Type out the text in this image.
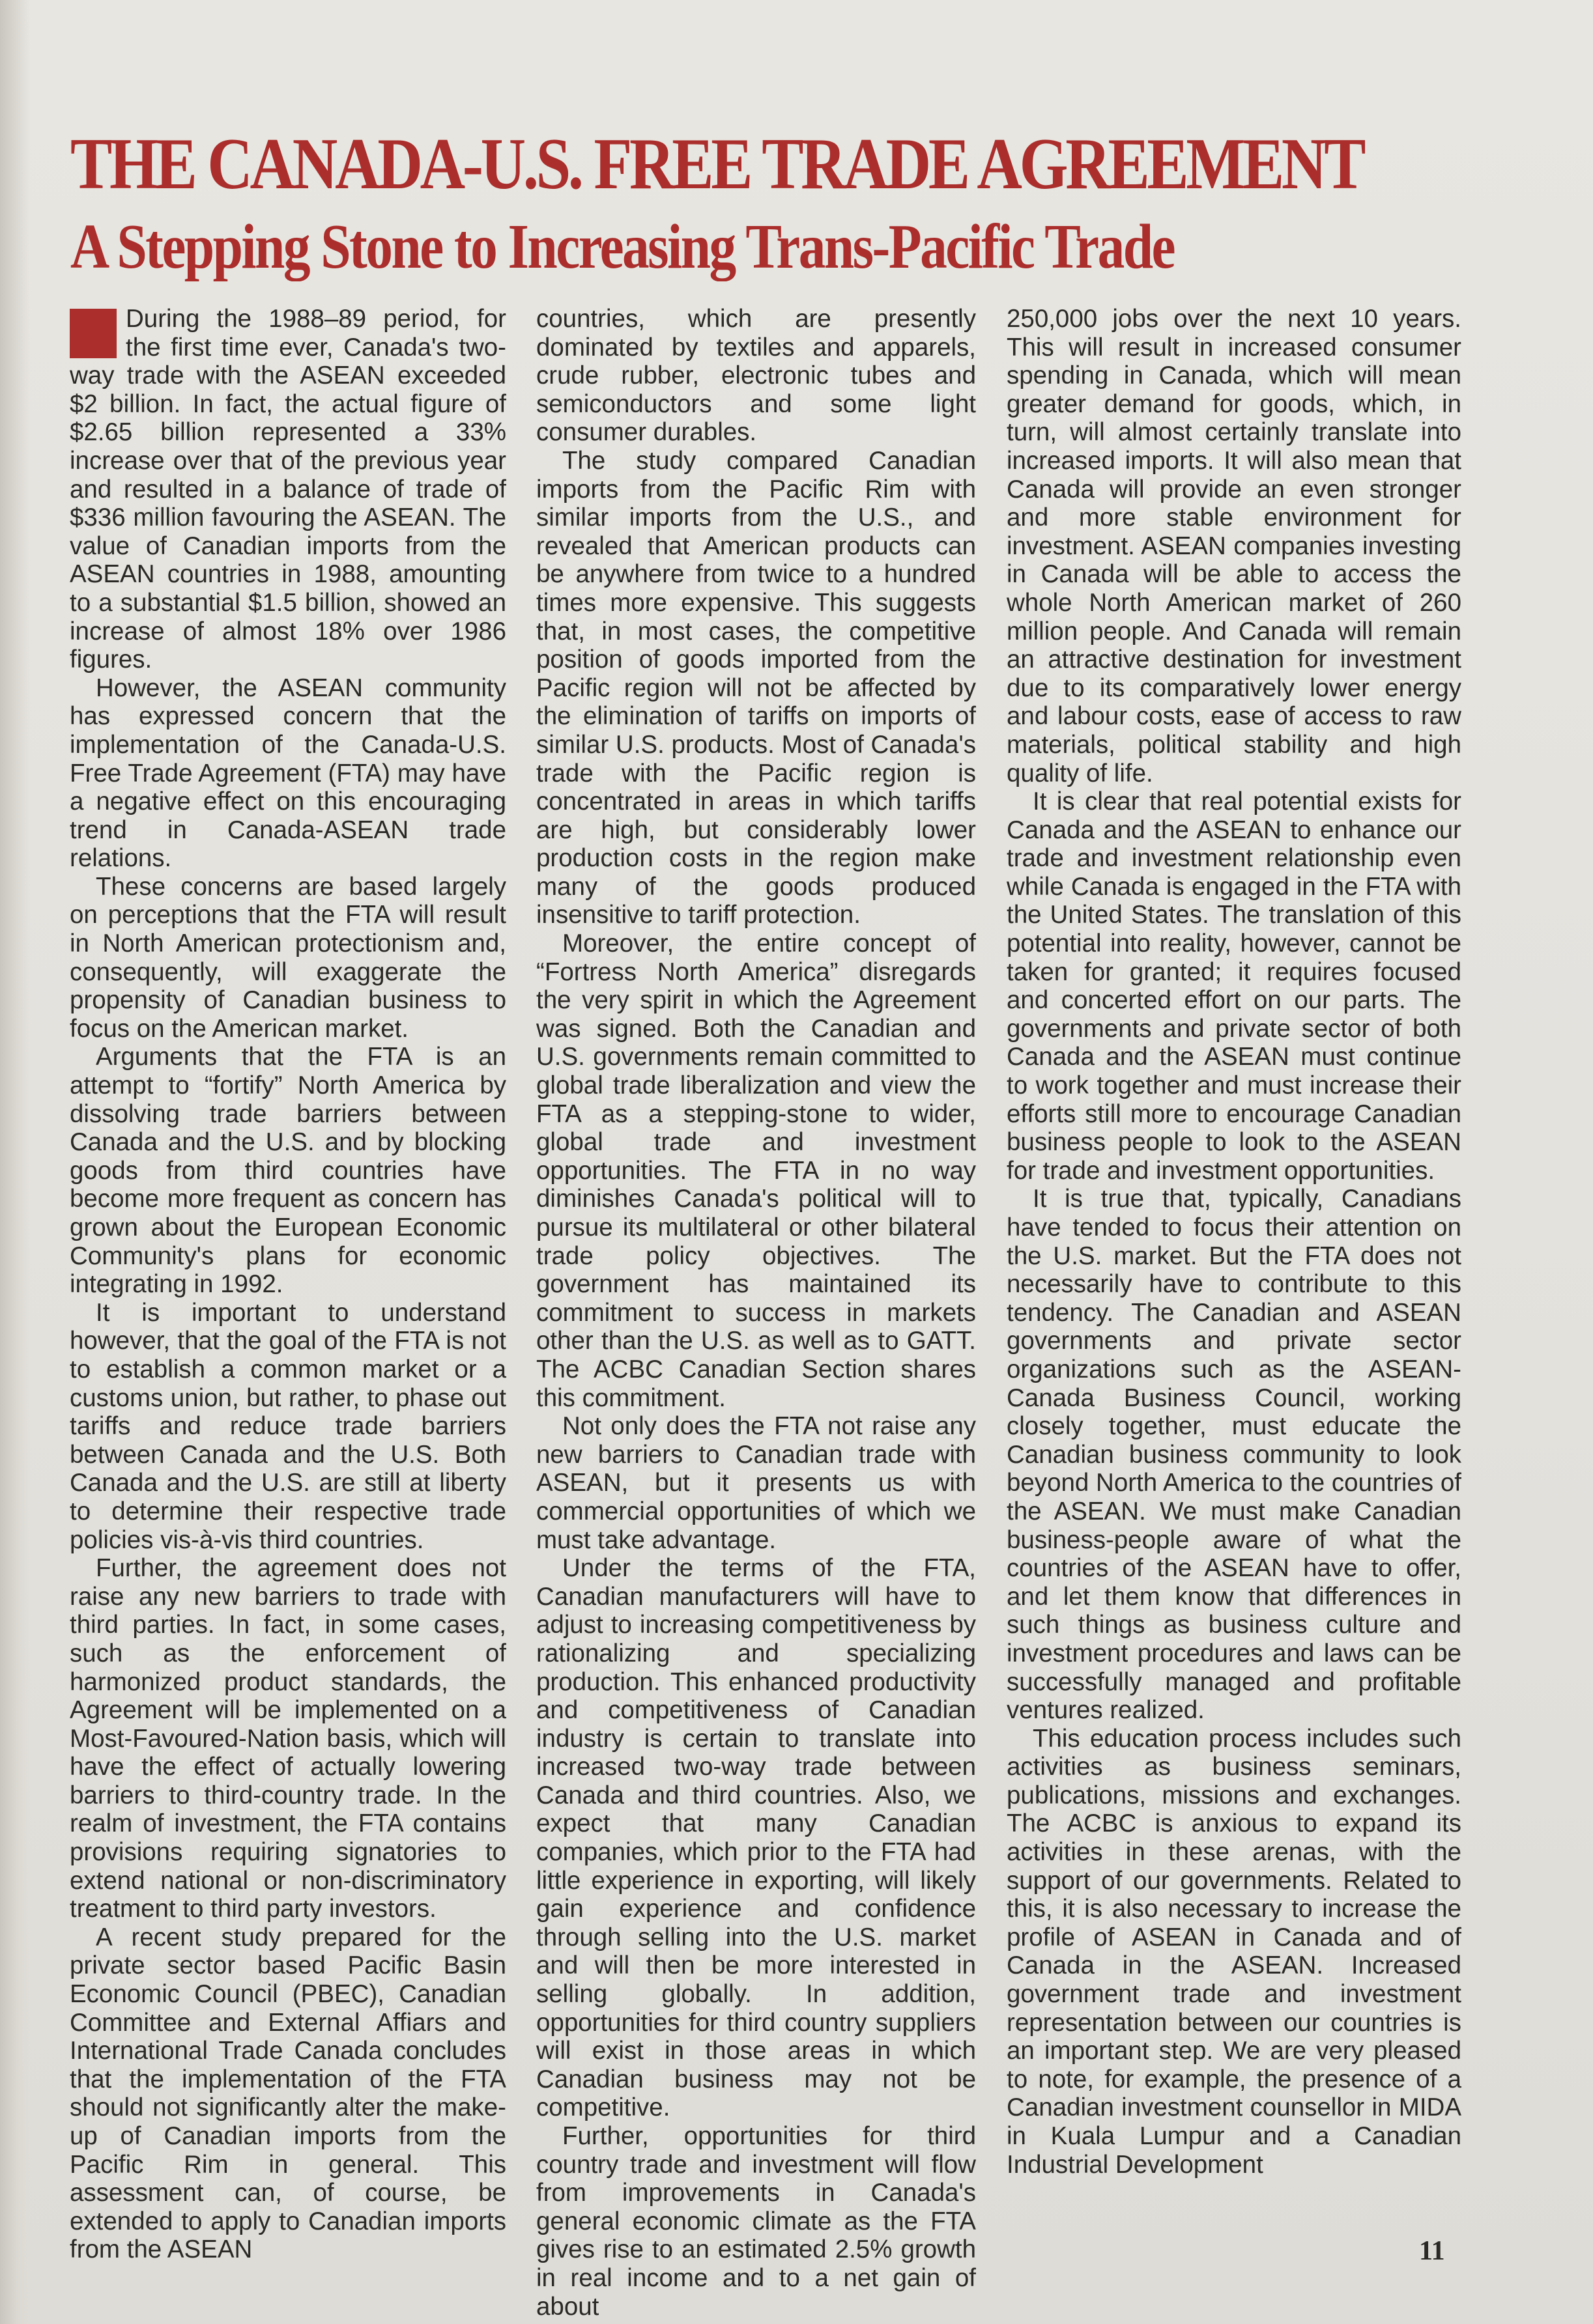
THE CANADA-U.S. FREE TRADE AGREEMENT
A Stepping Stone to Increasing Trans-Pacific Trade

During the 1988–89 period, for the first time ever, Canada's two-way trade with the ASEAN exceeded $2 billion. In fact, the actual figure of $2.65 billion represented a 33% increase over that of the previous year and resulted in a balance of trade of $336 million favouring the ASEAN. The value of Canadian imports from the ASEAN countries in 1988, amounting to a substantial $1.5 billion, showed an increase of almost 18% over 1986 figures.

However, the ASEAN community has expressed concern that the implementation of the Canada-U.S. Free Trade Agreement (FTA) may have a negative effect on this encouraging trend in Canada-ASEAN trade relations.

These concerns are based largely on perceptions that the FTA will result in North American protectionism and, consequently, will exaggerate the propensity of Canadian business to focus on the American market.

Arguments that the FTA is an attempt to “fortify” North America by dissolving trade barriers between Canada and the U.S. and by blocking goods from third countries have become more frequent as concern has grown about the European Economic Community's plans for economic integrating in 1992.

It is important to understand however, that the goal of the FTA is not to establish a common market or a customs union, but rather, to phase out tariffs and reduce trade barriers between Canada and the U.S. Both Canada and the U.S. are still at liberty to determine their respective trade policies vis-à-vis third countries.

Further, the agreement does not raise any new barriers to trade with third parties. In fact, in some cases, such as the enforcement of harmonized product standards, the Agreement will be implemented on a Most-Favoured-Nation basis, which will have the effect of actually lowering barriers to third-country trade. In the realm of investment, the FTA contains provisions requiring signatories to extend national or non-discriminatory treatment to third party investors.

A recent study prepared for the private sector based Pacific Basin Economic Council (PBEC), Canadian Committee and External Affiars and International Trade Canada concludes that the implementation of the FTA should not significantly alter the make-up of Canadian imports from the Pacific Rim in general. This assessment can, of course, be extended to apply to Canadian imports from the ASEAN

countries, which are presently dominated by textiles and apparels, crude rubber, electronic tubes and semiconductors and some light consumer durables.

The study compared Canadian imports from the Pacific Rim with similar imports from the U.S., and revealed that American products can be anywhere from twice to a hundred times more expensive. This suggests that, in most cases, the competitive position of goods imported from the Pacific region will not be affected by the elimination of tariffs on imports of similar U.S. products. Most of Canada's trade with the Pacific region is concentrated in areas in which tariffs are high, but considerably lower production costs in the region make many of the goods produced insensitive to tariff protection.

Moreover, the entire concept of “Fortress North America” disregards the very spirit in which the Agreement was signed. Both the Canadian and U.S. governments remain committed to global trade liberalization and view the FTA as a stepping-stone to wider, global trade and investment opportunities. The FTA in no way diminishes Canada's political will to pursue its multilateral or other bilateral trade policy objectives. The government has maintained its commitment to success in markets other than the U.S. as well as to GATT. The ACBC Canadian Section shares this commitment.

Not only does the FTA not raise any new barriers to Canadian trade with ASEAN, but it presents us with commercial opportunities of which we must take advantage.

Under the terms of the FTA, Canadian manufacturers will have to adjust to increasing competitiveness by rationalizing and specializing production. This enhanced productivity and competitiveness of Canadian industry is certain to translate into increased two-way trade between Canada and third countries. Also, we expect that many Canadian companies, which prior to the FTA had little experience in exporting, will likely gain experience and confidence through selling into the U.S. market and will then be more interested in selling globally. In addition, opportunities for third country suppliers will exist in those areas in which Canadian business may not be competitive.

Further, opportunities for third country trade and investment will flow from improvements in Canada's general economic climate as the FTA gives rise to an estimated 2.5% growth in real income and to a net gain of about

250,000 jobs over the next 10 years. This will result in increased consumer spending in Canada, which will mean greater demand for goods, which, in turn, will almost certainly translate into increased imports. It will also mean that Canada will provide an even stronger and more stable environment for investment. ASEAN companies investing in Canada will be able to access the whole North American market of 260 million people. And Canada will remain an attractive destination for investment due to its comparatively lower energy and labour costs, ease of access to raw materials, political stability and high quality of life.

It is clear that real potential exists for Canada and the ASEAN to enhance our trade and investment relationship even while Canada is engaged in the FTA with the United States. The translation of this potential into reality, however, cannot be taken for granted; it requires focused and concerted effort on our parts. The governments and private sector of both Canada and the ASEAN must continue to work together and must increase their efforts still more to encourage Canadian business people to look to the ASEAN for trade and investment opportunities.

It is true that, typically, Canadians have tended to focus their attention on the U.S. market. But the FTA does not necessarily have to contribute to this tendency. The Canadian and ASEAN governments and private sector organizations such as the ASEAN-Canada Business Council, working closely together, must educate the Canadian business community to look beyond North America to the countries of the ASEAN. We must make Canadian business-people aware of what the countries of the ASEAN have to offer, and let them know that differences in such things as business culture and investment procedures and laws can be successfully managed and profitable ventures realized.

This education process includes such activities as business seminars, publications, missions and exchanges. The ACBC is anxious to expand its activities in these arenas, with the support of our governments. Related to this, it is also necessary to increase the profile of ASEAN in Canada and of Canada in the ASEAN. Increased government trade and investment representation between our countries is an important step. We are very pleased to note, for example, the presence of a Canadian investment counsellor in MIDA in Kuala Lumpur and a Canadian Industrial Development

11
